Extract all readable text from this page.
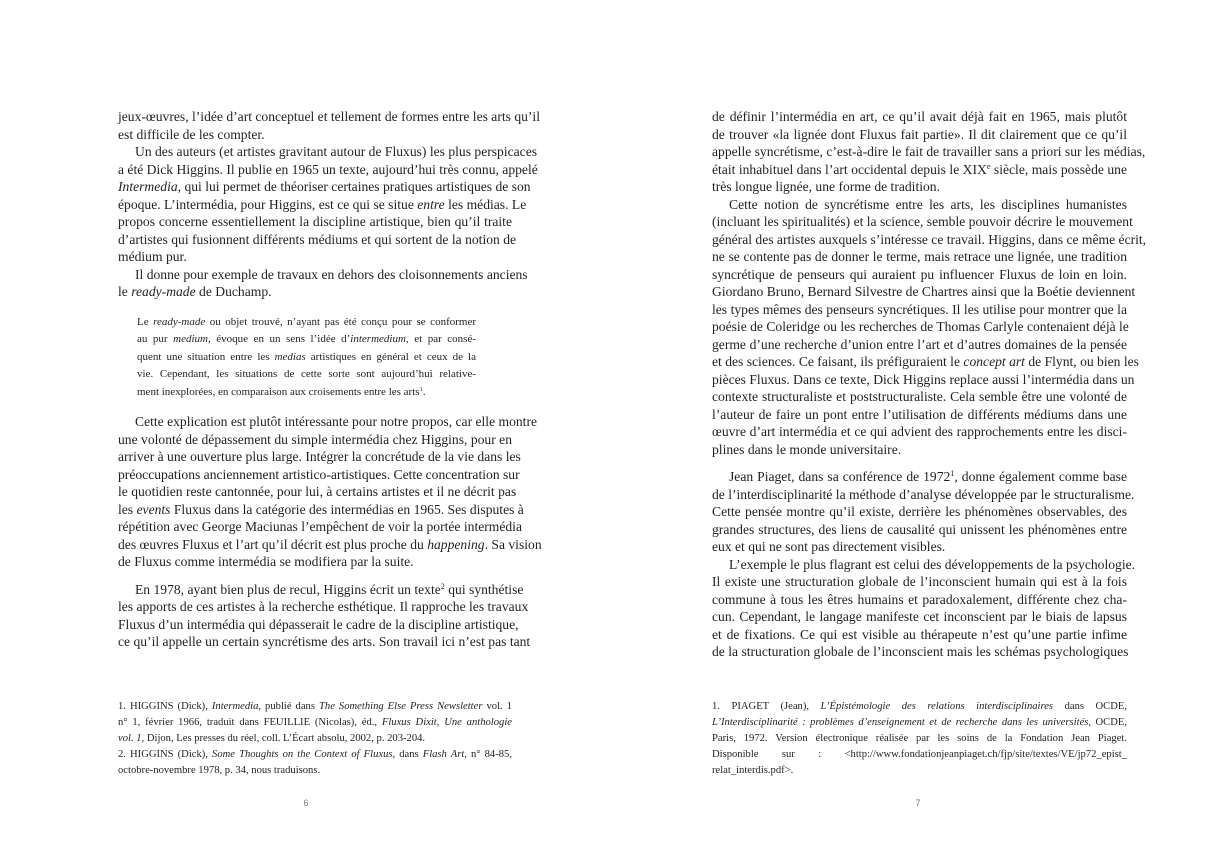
jeux-œuvres, l’idée d’art conceptuel et tellement de formes entre les arts qu’il
est difficile de les compter.
Un des auteurs (et artistes gravitant autour de Fluxus) les plus perspicaces
a été Dick Higgins. Il publie en 1965 un texte, aujourd’hui très connu, appelé
Intermedia, qui lui permet de théoriser certaines pratiques artistiques de son
époque. L’intermédia, pour Higgins, est ce qui se situe entre les médias. Le
propos concerne essentiellement la discipline artistique, bien qu’il traite
d’artistes qui fusionnent différents médiums et qui sortent de la notion de
médium pur.
Il donne pour exemple de travaux en dehors des cloisonnements anciens
le ready-made de Duchamp.
Le ready-made ou objet trouvé, n’ayant pas été conçu pour se conformer
au pur medium, évoque en un sens l’idée d’intermedium, et par consé-
quent une situation entre les medias artistiques en général et ceux de la
vie. Cependant, les situations de cette sorte sont aujourd’hui relative-
ment inexplorées, en comparaison aux croisements entre les arts$^1$.
Cette explication est plutôt intéressante pour notre propos, car elle montre
une volonté de dépassement du simple intermédia chez Higgins, pour en
arriver à une ouverture plus large. Intégrer la concrétude de la vie dans les
préoccupations anciennement artistico-artistiques. Cette concentration sur
le quotidien reste cantonnée, pour lui, à certains artistes et il ne décrit pas
les events Fluxus dans la catégorie des intermédias en 1965. Ses disputes à
répétition avec George Maciunas l’empêchent de voir la portée intermédia
des œuvres Fluxus et l’art qu’il décrit est plus proche du happening. Sa vision
de Fluxus comme intermédia se modifiera par la suite.
En 1978, ayant bien plus de recul, Higgins écrit un texte$^2$ qui synthétise
les apports de ces artistes à la recherche esthétique. Il rapproche les travaux
Fluxus d’un intermédia qui dépasserait le cadre de la discipline artistique,
ce qu’il appelle un certain syncrétisme des arts. Son travail ici n’est pas tant
1. HIGGINS (Dick), Intermedia, publié dans The Something Else Press Newsletter vol. 1
n° 1, février 1966, traduit dans FEUILLIE (Nicolas), éd., Fluxus Dixit, Une anthologie
vol. 1, Dijon, Les presses du réel, coll. L’Écart absolu, 2002, p. 203-204.
2. HIGGINS (Dick), Some Thoughts on the Context of Fluxus, dans Flash Art, n° 84-85,
octobre-novembre 1978, p. 34, nous traduisons.
6
de définir l’intermédia en art, ce qu’il avait déjà fait en 1965, mais plutôt
de trouver «la lignée dont Fluxus fait partie». Il dit clairement que ce qu’il
appelle syncrétisme, c’est-à-dire le fait de travailler sans a priori sur les médias,
était inhabituel dans l’art occidental depuis le XIXe siècle, mais possède une
très longue lignée, une forme de tradition.
Cette notion de syncrétisme entre les arts, les disciplines humanistes
(incluant les spiritualités) et la science, semble pouvoir décrire le mouvement
général des artistes auxquels s’intéresse ce travail. Higgins, dans ce même écrit,
ne se contente pas de donner le terme, mais retrace une lignée, une tradition
syncrétique de penseurs qui auraient pu influencer Fluxus de loin en loin.
Giordano Bruno, Bernard Silvestre de Chartres ainsi que la Boétie deviennent
les types mêmes des penseurs syncrétiques. Il les utilise pour montrer que la
poésie de Coleridge ou les recherches de Thomas Carlyle contenaient déjà le
germe d’une recherche d’union entre l’art et d’autres domaines de la pensée
et des sciences. Ce faisant, ils préfiguraient le concept art de Flynt, ou bien les
pièces Fluxus. Dans ce texte, Dick Higgins replace aussi l’intermédia dans un
contexte structuraliste et poststructuraliste. Cela semble être une volonté de
l’auteur de faire un pont entre l’utilisation de différents médiums dans une
œuvre d’art intermédia et ce qui advient des rapprochements entre les disci-
plines dans le monde universitaire.
Jean Piaget, dans sa conférence de 1972$^1$, donne également comme base
de l’interdisciplinarité la méthode d’analyse développée par le structuralisme.
Cette pensée montre qu’il existe, derrière les phénomènes observables, des
grandes structures, des liens de causalité qui unissent les phénomènes entre
eux et qui ne sont pas directement visibles.
L’exemple le plus flagrant est celui des développements de la psychologie.
Il existe une structuration globale de l’inconscient humain qui est à la fois
commune à tous les êtres humains et paradoxalement, différente chez cha-
cun. Cependant, le langage manifeste cet inconscient par le biais de lapsus
et de fixations. Ce qui est visible au thérapeute n’est qu’une partie infime
de la structuration globale de l’inconscient mais les schémas psychologiques
1. PIAGET (Jean), L’Épistémologie des relations interdisciplinaires dans OCDE,
L’Interdisciplinarité : problèmes d’enseignement et de recherche dans les universités, OCDE,
Paris, 1972. Version électronique réalisée par les soins de la Fondation Jean Piaget.
Disponible sur : <http://www.fondationjeanpiaget.ch/fjp/site/textes/VE/jp72_epist_
relat_interdis.pdf>.
7
